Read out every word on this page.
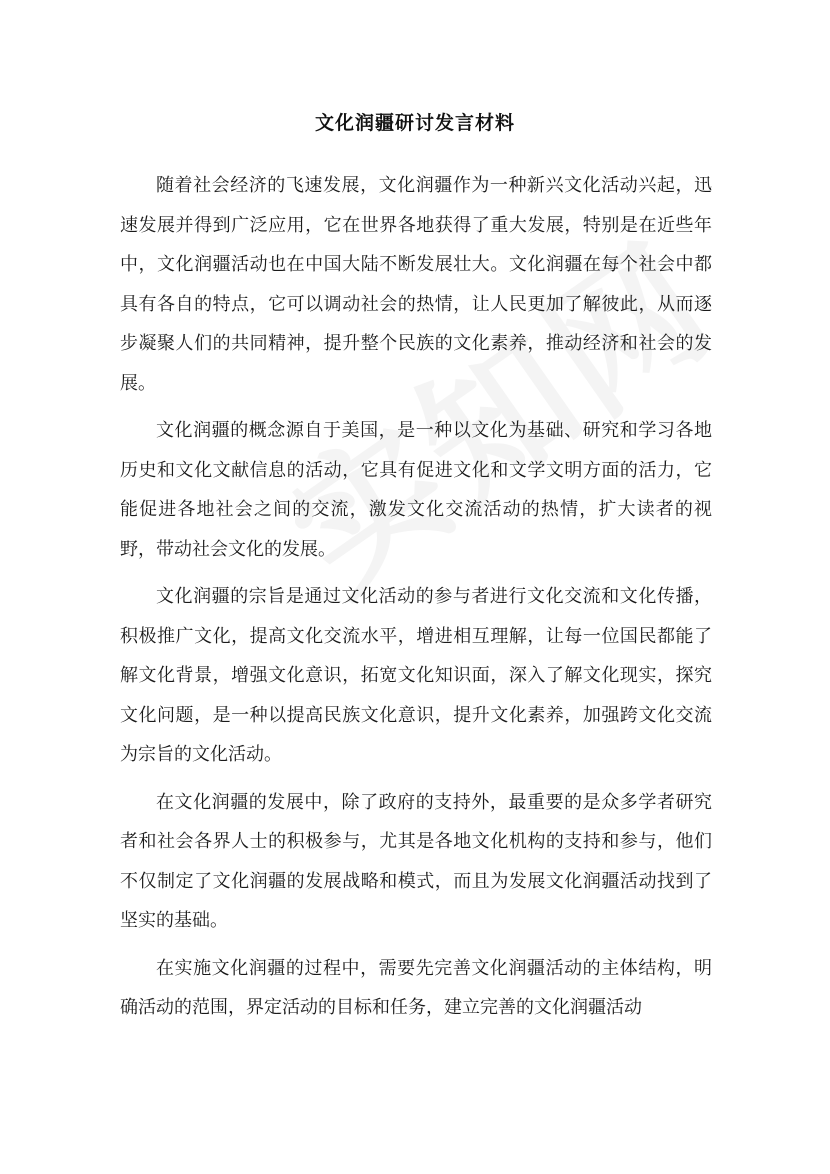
文化润疆研讨发言材料

随着社会经济的飞速发展，文化润疆作为一种新兴文化活动兴起，迅速发展并得到广泛应用，它在世界各地获得了重大发展，特别是在近些年中，文化润疆活动也在中国大陆不断发展壮大。文化润疆在每个社会中都具有各自的特点，它可以调动社会的热情，让人民更加了解彼此，从而逐步凝聚人们的共同精神，提升整个民族的文化素养，推动经济和社会的发展。

文化润疆的概念源自于美国，是一种以文化为基础、研究和学习各地历史和文化文献信息的活动，它具有促进文化和文学文明方面的活力，它能促进各地社会之间的交流，激发文化交流活动的热情，扩大读者的视野，带动社会文化的发展。

文化润疆的宗旨是通过文化活动的参与者进行文化交流和文化传播，积极推广文化，提高文化交流水平，增进相互理解，让每一位国民都能了解文化背景，增强文化意识，拓宽文化知识面，深入了解文化现实，探究文化问题，是一种以提高民族文化意识，提升文化素养，加强跨文化交流为宗旨的文化活动。

在文化润疆的发展中，除了政府的支持外，最重要的是众多学者研究者和社会各界人士的积极参与，尤其是各地文化机构的支持和参与，他们不仅制定了文化润疆的发展战略和模式，而且为发展文化润疆活动找到了坚实的基础。

在实施文化润疆的过程中，需要先完善文化润疆活动的主体结构，明确活动的范围，界定活动的目标和任务，建立完善的文化润疆活动
